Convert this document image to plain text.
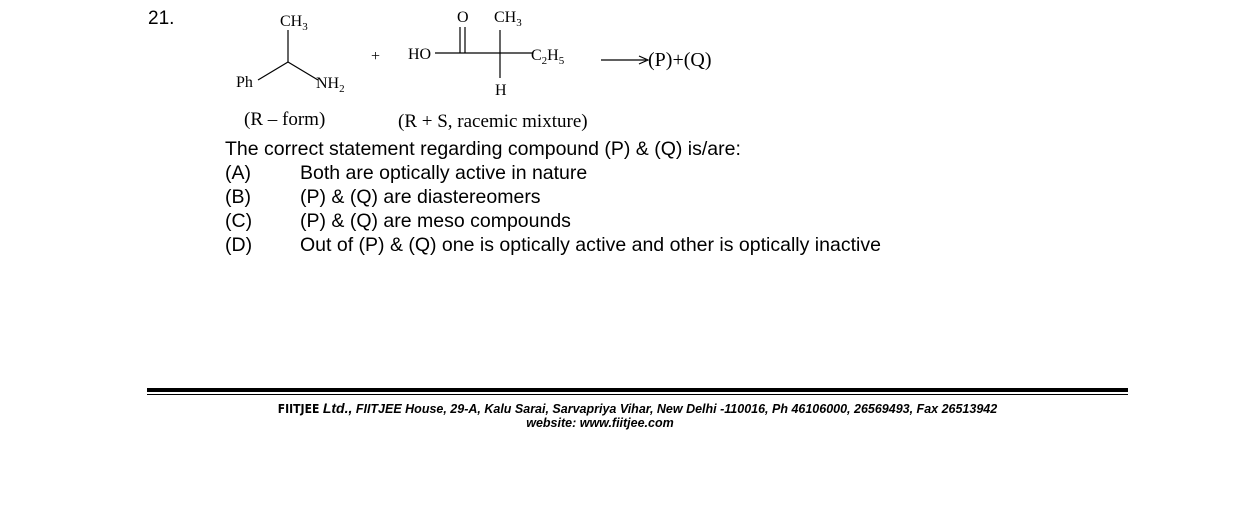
21.	$CH_3$
Ph	$NH_2$
+ HO
O $CH_3$
$C_2H_5$
H
(P)+(Q)
(R – form)	(R + S, racemic mixture)
The correct statement regarding compound (P) & (Q) is/are:
(A)	Both are optically active in nature
(B)	(P) & (Q) are diastereomers
(C) (P) & (Q) are meso compounds
(D) Out of (P) & (Q) one is optically active and other is optically inactive
FIITJEE Ltd., FIITJEE House, 29-A, Kalu Sarai, Sarvapriya Vihar, New Delhi -110016, Ph 46106000, 26569493, Fax 26513942
website: www.fiitjee.com
